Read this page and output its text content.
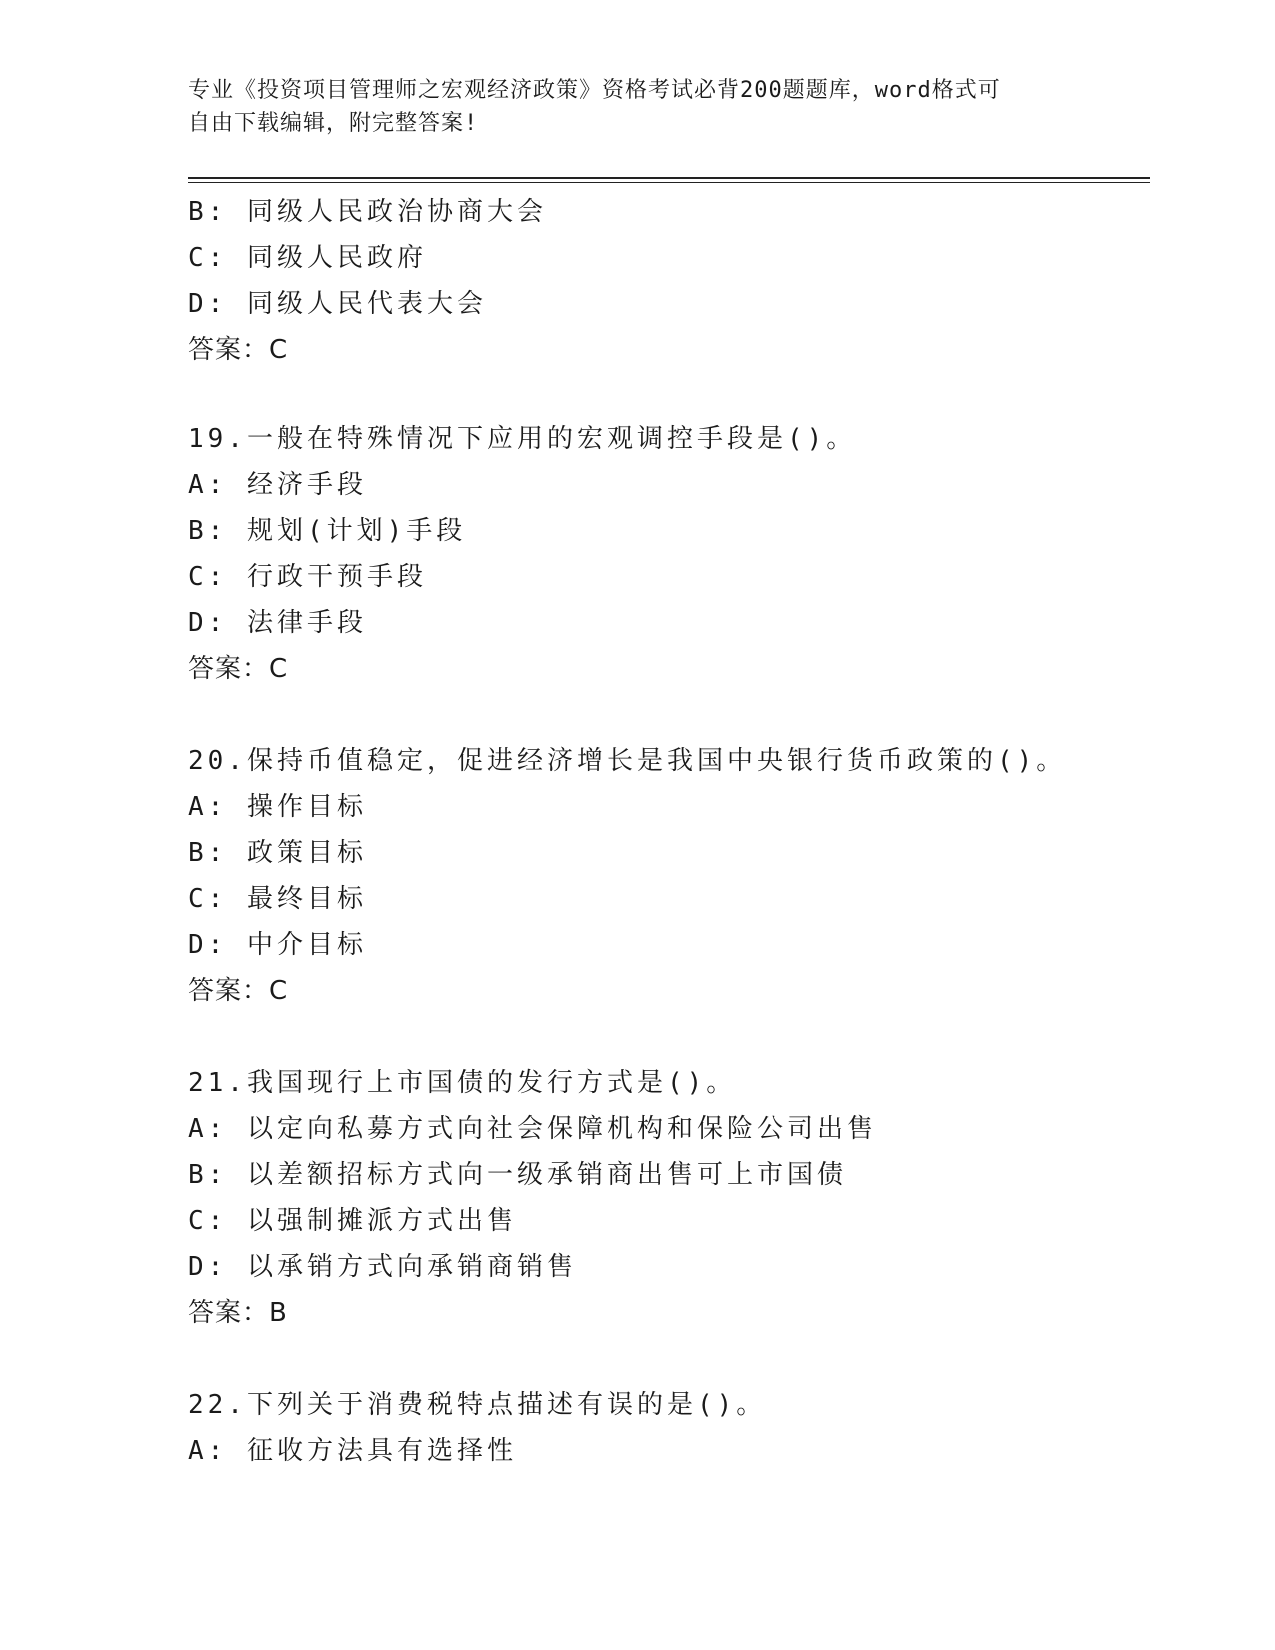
专业《投资项目管理师之宏观经济政策》资格考试必背200题题库，word格式可
自由下载编辑，附完整答案!
B: 同级人民政治协商大会
C: 同级人民政府
D: 同级人民代表大会
答案：C
19.一般在特殊情况下应用的宏观调控手段是()。
A: 经济手段
B: 规划(计划)手段
C: 行政干预手段
D: 法律手段
答案：C
20.保持币值稳定，促进经济增长是我国中央银行货币政策的()。
A: 操作目标
B: 政策目标
C: 最终目标
D: 中介目标
答案：C
21.我国现行上市国债的发行方式是()。
A: 以定向私募方式向社会保障机构和保险公司出售
B: 以差额招标方式向一级承销商出售可上市国债
C: 以强制摊派方式出售
D: 以承销方式向承销商销售
答案：B
22.下列关于消费税特点描述有误的是()。
A: 征收方法具有选择性
